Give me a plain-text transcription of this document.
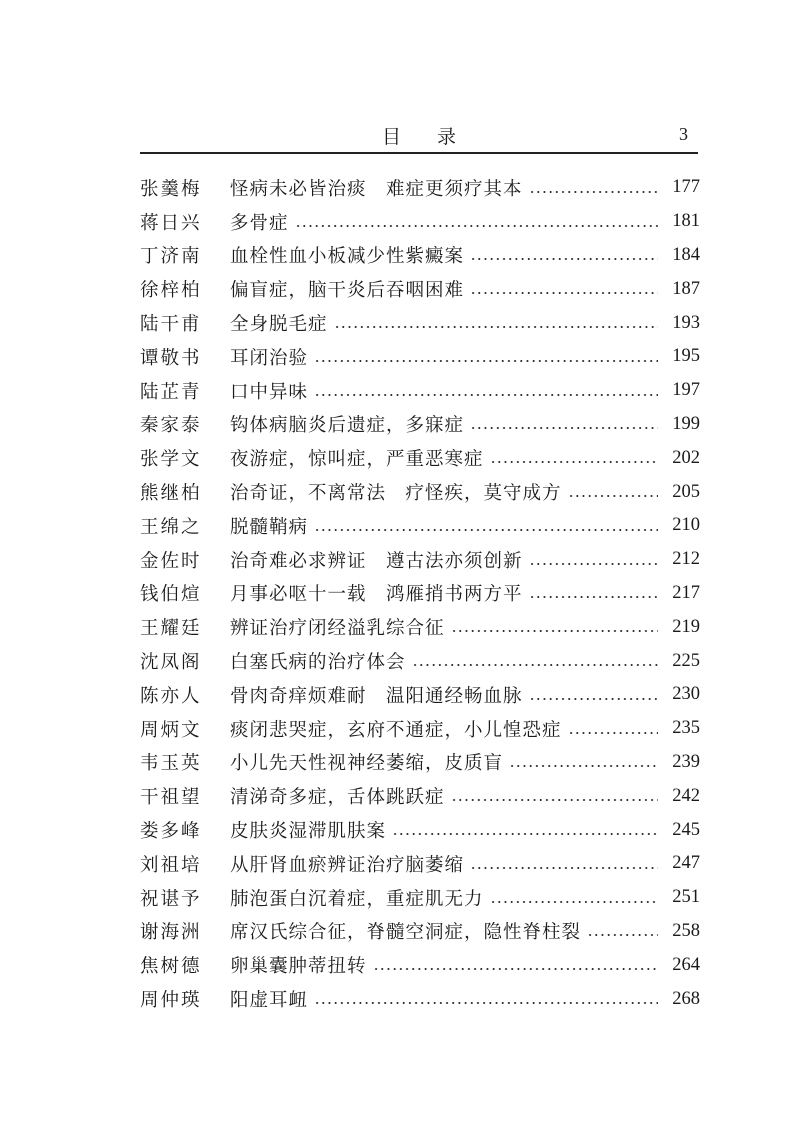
目录	3
张羹梅	怪病未必皆治痰　难症更须疗其本	177
蒋日兴	多骨症	181
丁济南	血栓性血小板减少性紫癜案	184
徐梓柏	偏盲症，脑干炎后吞咽困难	187
陆干甫	全身脱毛症	193
谭敬书	耳闭治验	195
陆芷青	口中异味	197
秦家泰	钩体病脑炎后遗症，多寐症	199
张学文	夜游症，惊叫症，严重恶寒症	202
熊继柏	治奇证，不离常法　疗怪疾，莫守成方	205
王绵之	脱髓鞘病	210
金佐时	治奇难必求辨证　遵古法亦须创新	212
钱伯煊	月事必呕十一载　鸿雁捎书两方平	217
王耀廷	辨证治疗闭经溢乳综合征	219
沈凤阁	白塞氏病的治疗体会	225
陈亦人	骨肉奇痒烦难耐　温阳通经畅血脉	230
周炳文	痰闭悲哭症，玄府不通症，小儿惶恐症	235
韦玉英	小儿先天性视神经萎缩，皮质盲	239
干祖望	清涕奇多症，舌体跳跃症	242
娄多峰	皮肤炎湿滞肌肤案	245
刘祖培	从肝肾血瘀辨证治疗脑萎缩	247
祝谌予	肺泡蛋白沉着症，重症肌无力	251
谢海洲	席汉氏综合征，脊髓空洞症，隐性脊柱裂	258
焦树德	卵巢囊肿蒂扭转	264
周仲瑛	阳虚耳衄	268
